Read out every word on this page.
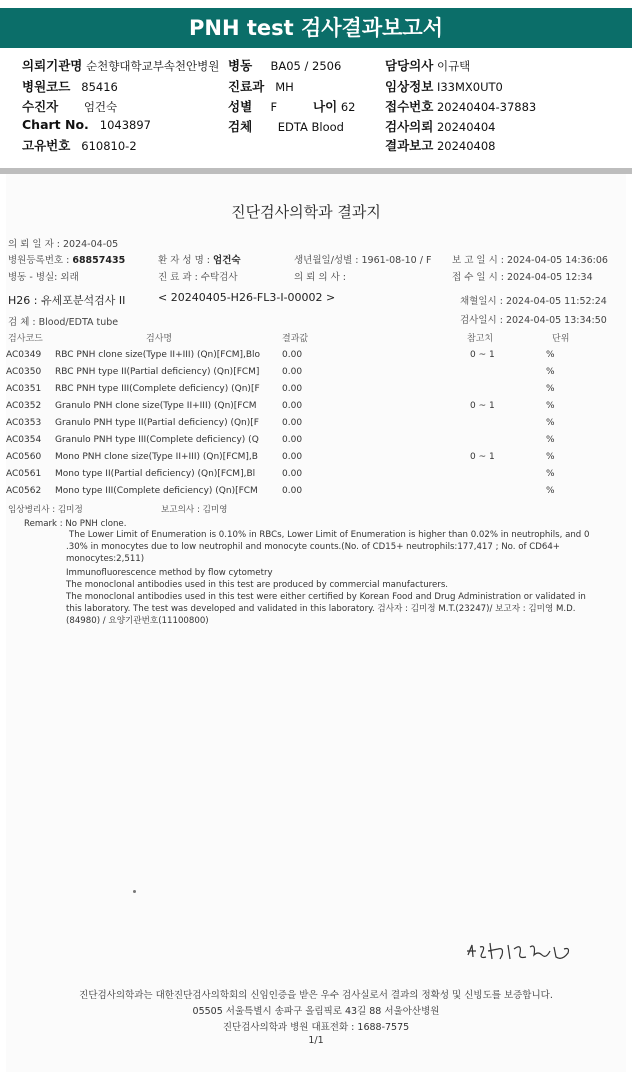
PNH test 검사결과보고서
의뢰기관명 순천향대학교부속천안병원 병동 BA05 / 2506	담당의사 이규택
병원코드 85416	진료과 MH	임상정보 I33MX0UT0
수진자 엄건숙	성별 F	나이 62 접수번호 20240404-37883
Chart No. 1043897	검체 EDTA Blood	검사의뢰 20240404
고유번호 610810-2	결과보고 20240408
진단검사의학과 결과지
의 뢰 일 자 : 2024-04-05
병원등록번호 : 68857435	환 자 성 명 : 엄건숙	생년월일/성별 : 1961-08-10 / F 보 고 일 시 : 2024-04-05 14:36:06
병동 - 병실: 외래	진 료 과 : 수탁검사	의 뢰 의 사 :	접 수 일 시 : 2024-04-05 12:34
H26 : 유세포분석검사 II	< 20240405-H26-FL3-I-00002 >	채혈일시 : 2024-04-05 11:52:24
검 체 : Blood/EDTA tube	검사일시 : 2024-04-05 13:34:50
검사코드	검사명	결과값	참고치	단위
AC0349 RBC PNH clone size(Type II+III) (Qn)[FCM],Blo 0.00	0 ~ 1	%
AC0350 RBC PNH type II(Partial deficiency) (Qn)[FCM]	0.00	%
AC0351 RBC PNH type III(Complete deficiency) (Qn)[F 0.00	%
AC0352 Granulo PNH clone size(Type II+III) (Qn)[FCM	0.00	0 ~ 1	%
AC0353 Granulo PNH type II(Partial deficiency) (Qn)[F	0.00	%
AC0354 Granulo PNH type III(Complete deficiency) (Q	0.00	%
AC0560 Mono PNH clone size(Type II+III) (Qn)[FCM],B	0.00	0 ~ 1	%
AC0561 Mono type II(Partial deficiency) (Qn)[FCM],Bl	0.00	%
AC0562 Mono type III(Complete deficiency) (Qn)[FCM	0.00	%
임상병리사 : 김미정	보고의사 : 김미영
Remark : No PNH clone.
The Lower Limit of Enumeration is 0.10% in RBCs, Lower Limit of Enumeration is higher than 0.02% in neutrophils, and 0
.30% in monocytes due to low neutrophil and monocyte counts.(No. of CD15+ neutrophils:177,417 ; No. of CD64+
monocytes:2,511)
Immunofluorescence method by flow cytometry
The monoclonal antibodies used in this test are produced by commercial manufacturers.
The monoclonal antibodies used in this test were either certified by Korean Food and Drug Administration or validated in
this laboratory. The test was developed and validated in this laboratory. 검사자 : 김미정 M.T.(23247)/ 보고자 : 김미영 M.D.
(84980) / 요양기관번호(11100800)
진단검사의학과는 대한진단검사의학회의 신임인증을 받은 우수 검사실로서 결과의 정확성 및 신빙도를 보증합니다.
05505 서울특별시 송파구 올림픽로 43길 88 서울아산병원
진단검사의학과 병원 대표전화 : 1688-7575
1/1
